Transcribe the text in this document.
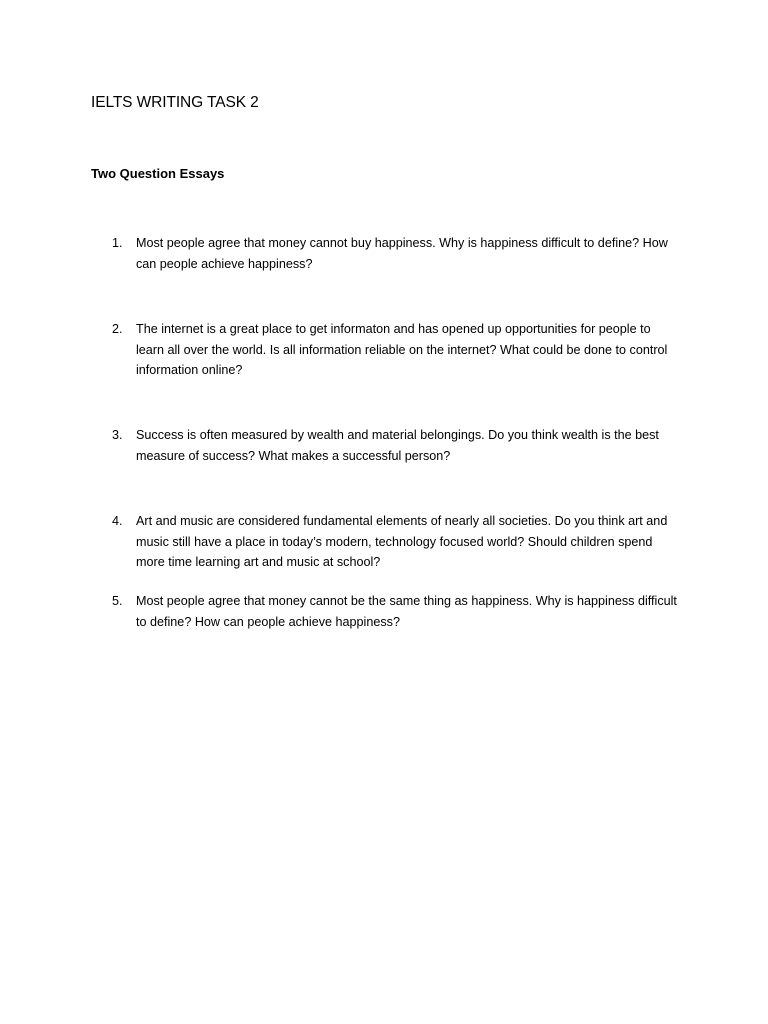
IELTS WRITING TASK 2
Two Question Essays
1.	Most people agree that money cannot buy happiness. Why is happiness difficult to define? How can people achieve happiness?
2.	The internet is a great place to get informaton and has opened up opportunities for people to learn all over the world. Is all information reliable on the internet? What could be done to control information online?
3.	Success is often measured by wealth and material belongings. Do you think wealth is the best measure of success? What makes a successful person?
4.	Art and music are considered fundamental elements of nearly all societies. Do you think art and music still have a place in today’s modern, technology focused world? Should children spend more time learning art and music at school?
5.	Most people agree that money cannot be the same thing as happiness. Why is happiness difficult to define? How can people achieve happiness?
